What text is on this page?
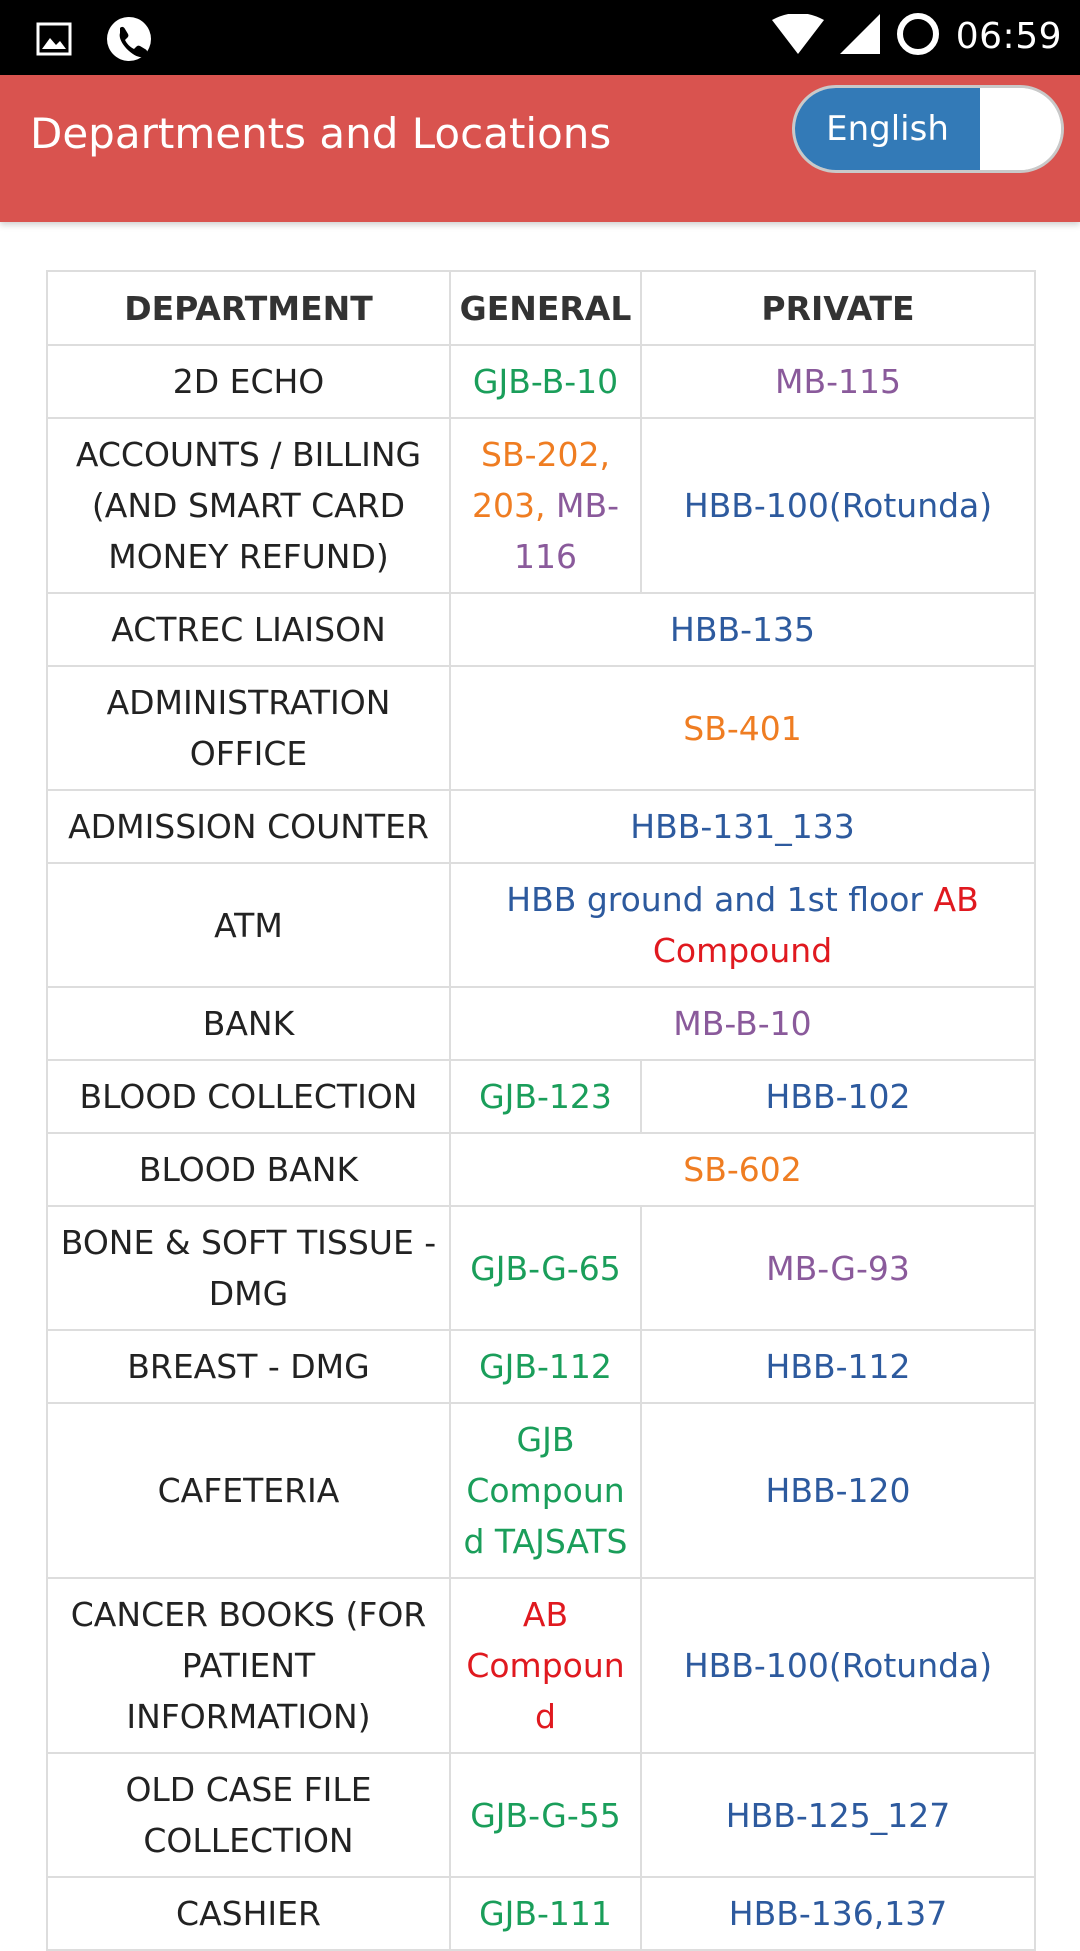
06:59
Departments and Locations	English
DEPARTMENT	GENERAL	PRIVATE
2D ECHO	GJB-B-10	MB-115
ACCOUNTS / BILLING (AND SMART CARD MONEY REFUND)	SB-202, 203, MB-116	HBB-100(Rotunda)
ACTREC LIAISON	HBB-135	
ADMINISTRATION OFFICE	SB-401	
ADMISSION COUNTER	HBB-131_133	
ATM	HBB ground and 1st floor AB Compound	
BANK	MB-B-10	
BLOOD COLLECTION	GJB-123	HBB-102
BLOOD BANK	SB-602	
BONE & SOFT TISSUE - DMG	GJB-G-65	MB-G-93
BREAST - DMG	GJB-112	HBB-112
CAFETERIA	GJB Compound TAJSATS	HBB-120
CANCER BOOKS (FOR PATIENT INFORMATION)	AB Compound	HBB-100(Rotunda)
OLD CASE FILE COLLECTION	GJB-G-55	HBB-125_127
CASHIER	GJB-111	HBB-136,137
